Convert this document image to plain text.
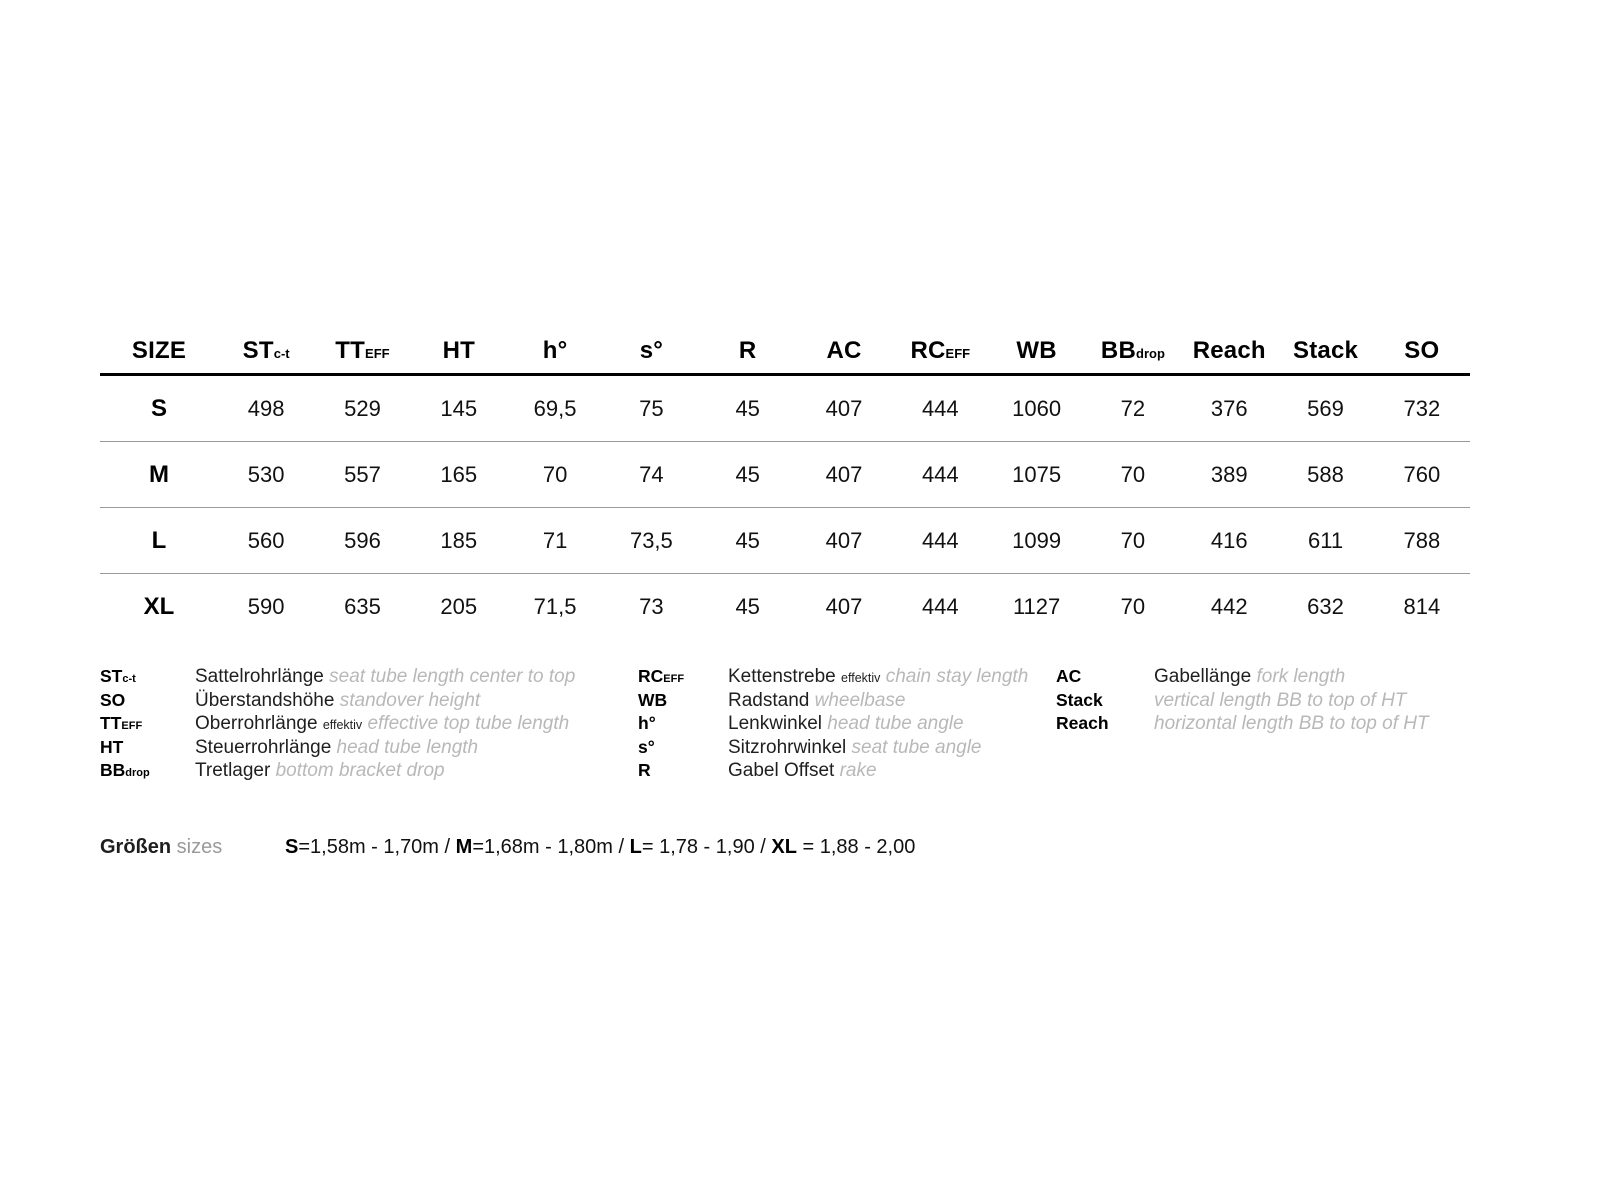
SIZE	STc-t	TTEFF	HT	h°	s°	R	AC	RCEFF	WB	BBdrop	Reach	Stack	SO
S	498	529	145	69,5	75	45	407	444	1060	72	376	569	732
M	530	557	165	70	74	45	407	444	1075	70	389	588	760
L	560	596	185	71	73,5	45	407	444	1099	70	416	611	788
XL	590	635	205	71,5	73	45	407	444	1127	70	442	632	814
STc-t	Sattelrohrlänge seat tube length center to top
SO	Überstandshöhe standover height
TTEFF	Oberrohrlänge effektiv effective top tube length
HT	Steuerrohrlänge head tube length
BBdrop	Tretlager bottom bracket drop
RCEFF	Kettenstrebe effektiv chain stay length
WB	Radstand wheelbase
h°	Lenkwinkel head tube angle
s°	Sitzrohrwinkel seat tube angle
R	Gabel Offset rake
AC	Gabellänge fork length
Stack	vertical length BB to top of HT
Reach	horizontal length BB to top of HT
Größen sizes	S=1,58m - 1,70m / M=1,68m - 1,80m / L= 1,78 - 1,90 / XL = 1,88 - 2,00
